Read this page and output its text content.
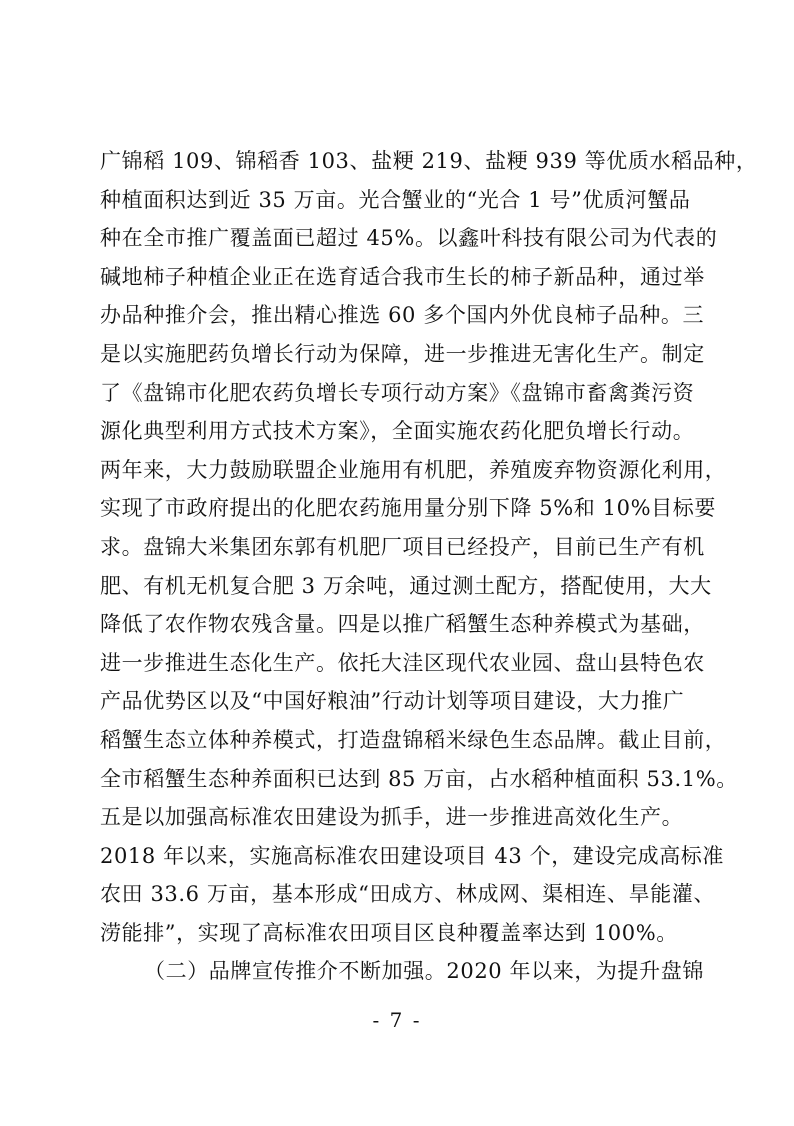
广锦稻 109、锦稻香 103、盐粳 219、盐粳 939 等优质水稻品种，
种植面积达到近 35 万亩。光合蟹业的“光合 1 号”优质河蟹品
种在全市推广覆盖面已超过 45%。以鑫叶科技有限公司为代表的
碱地柿子种植企业正在选育适合我市生长的柿子新品种，通过举
办品种推介会，推出精心推选 60 多个国内外优良柿子品种。三
是以实施肥药负增长行动为保障，进一步推进无害化生产。制定
了《盘锦市化肥农药负增长专项行动方案》《盘锦市畜禽粪污资
源化典型利用方式技术方案》，全面实施农药化肥负增长行动。
两年来，大力鼓励联盟企业施用有机肥，养殖废弃物资源化利用，
实现了市政府提出的化肥农药施用量分别下降 5%和 10%目标要
求。盘锦大米集团东郭有机肥厂项目已经投产，目前已生产有机
肥、有机无机复合肥 3 万余吨，通过测土配方，搭配使用，大大
降低了农作物农残含量。四是以推广稻蟹生态种养模式为基础，
进一步推进生态化生产。依托大洼区现代农业园、盘山县特色农
产品优势区以及“中国好粮油”行动计划等项目建设，大力推广
稻蟹生态立体种养模式，打造盘锦稻米绿色生态品牌。截止目前，
全市稻蟹生态种养面积已达到 85 万亩，占水稻种植面积 53.1%。
五是以加强高标准农田建设为抓手，进一步推进高效化生产。
2018 年以来，实施高标准农田建设项目 43 个，建设完成高标准
农田 33.6 万亩，基本形成“田成方、林成网、渠相连、旱能灌、
涝能排”，实现了高标准农田项目区良种覆盖率达到 100%。
（二）品牌宣传推介不断加强。2020 年以来，为提升盘锦
- 7 -
